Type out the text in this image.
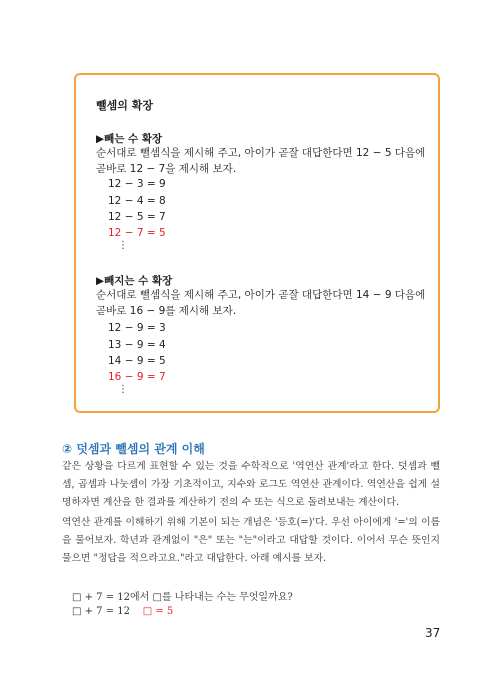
뺄셈의 확장
▶빼는 수 확장
순서대로 뺄셈식을 제시해 주고, 아이가 곧잘 대답한다면 12 − 5 다음에 곧바로 12 − 7을 제시해 보자.
12 − 3 = 9
12 − 4 = 8
12 − 5 = 7
12 − 7 = 5
⋮
▶빼지는 수 확장
순서대로 뺄셈식을 제시해 주고, 아이가 곧잘 대답한다면 14 − 9 다음에 곧바로 16 − 9를 제시해 보자.
12 − 9 = 3
13 − 9 = 4
14 − 9 = 5
16 − 9 = 7
⋮
② 덧셈과 뺄셈의 관계 이해
같은 상황을 다르게 표현할 수 있는 것을 수학적으로 '역연산 관계'라고 한다. 덧셈과 뺄셈, 곱셈과 나눗셈이 가장 기초적이고, 지수와 로그도 역연산 관계이다. 역연산을 쉽게 설명하자면 계산을 한 결과를 계산하기 전의 수 또는 식으로 돌려보내는 계산이다.
역연산 관계를 이해하기 위해 기본이 되는 개념은 '등호(=)'다. 우선 아이에게 '='의 이름을 물어보자. 학년과 관계없이 "은" 또는 "는"이라고 대답할 것이다. 이어서 무슨 뜻인지 물으면 "정답을 적으라고요."라고 대답한다. 아래 예시를 보자.
□ + 7 = 12에서 □를 나타내는 수는 무엇일까요?
□ + 7 = 12 □ = 5
37
